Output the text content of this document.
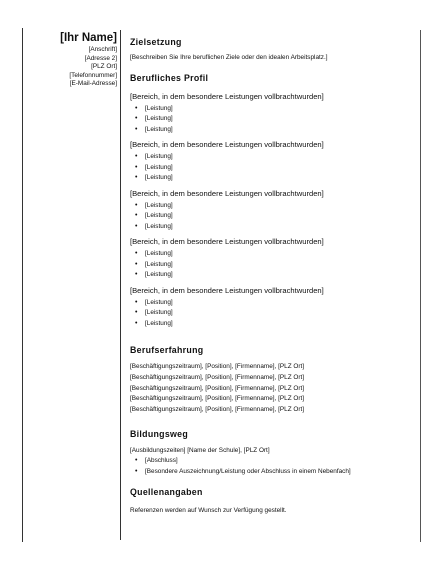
[Ihr Name]
[Anschrift]
[Adresse 2]
[PLZ Ort]
[Telefonnummer]
[E-Mail-Adresse]
Zielsetzung
[Beschreiben Sie Ihre beruflichen Ziele oder den idealen Arbeitsplatz.]
Berufliches Profil
[Bereich, in dem besondere Leistungen vollbrachtwurden]
• [Leistung]
• [Leistung]
• [Leistung]
[Bereich, in dem besondere Leistungen vollbrachtwurden]
• [Leistung]
• [Leistung]
• [Leistung]
[Bereich, in dem besondere Leistungen vollbrachtwurden]
• [Leistung]
• [Leistung]
• [Leistung]
[Bereich, in dem besondere Leistungen vollbrachtwurden]
• [Leistung]
• [Leistung]
• [Leistung]
[Bereich, in dem besondere Leistungen vollbrachtwurden]
• [Leistung]
• [Leistung]
• [Leistung]
Berufserfahrung
[Beschäftigungszeitraum], [Position], [Firmenname], [PLZ Ort]
[Beschäftigungszeitraum], [Position], [Firmenname], [PLZ Ort]
[Beschäftigungszeitraum], [Position], [Firmenname], [PLZ Ort]
[Beschäftigungszeitraum], [Position], [Firmenname], [PLZ Ort]
[Beschäftigungszeitraum], [Position], [Firmenname], [PLZ Ort]
Bildungsweg
[Ausbildungszeiten] [Name der Schule], [PLZ Ort]
• [Abschluss]
• [Besondere Auszeichnung/Leistung oder Abschluss in einem Nebenfach]
Quellenangaben
Referenzen werden auf Wunsch zur Verfügung gestellt.
